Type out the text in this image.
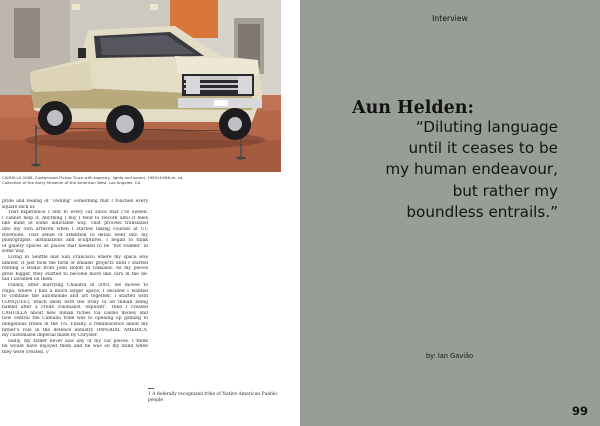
CAHUILLA 2006, Customized Pickup Truck with tapestry, lights and sound, 1983x1984cm, ca.

Collection of the Autry Museum of the American West, Los Angeles, CA

pride and feeling of “owning” something that I touched every
square inch of.
That experience I lent to every car since that I’ve owned.
I cannot help it. Anything I buy I tend to rework until it feels
like mine in some indictable way. That process translated
into my own artwork when I started taking courses at UC
Riverside. That sense of attention to detail went into my
photographs, installations and sculptures. I began to think
of gallery spaces as places that needed to be “hot rodded” in
some way.
Living in Seattle and San Francisco where my space was
limited, it just took the form of smaller projects until I started
renting a studio from John Roloff in Oakland. As my pieces
grew bigger, they started to become more like cars in the de-
tail I lavished on them.
Finally, after marrying Chandra in 2003, we moved to
Napa, where I had a much larger space, I decided I wanted
to combine the automobile and art together. I started with
CONQUEST, which dealt with the irony of an Indian being
named after a crude colonialist ‘explorer’. Then I created
CAHUILLA about new Indian riches via casino money and
how central the Cahuilla tribe was to opening up gaming to
indigenous tribes in the US. Finally, a reminiscence about my
father’s role in the defence industry IMPERIAL AMERICA,
my customized imperial made by Chrysler.
Sadly, my father never saw any of my car pieces. I think
he would have enjoyed them and he was on my mind when
they were created. //
1 A federally recognized tribe of Native American Pueblo
people
Interview
Aun Helden:
“Diluting language
until it ceases to be
my human endeavour,
but rather my
boundless entrails.”
by: Ian Gavião
99
